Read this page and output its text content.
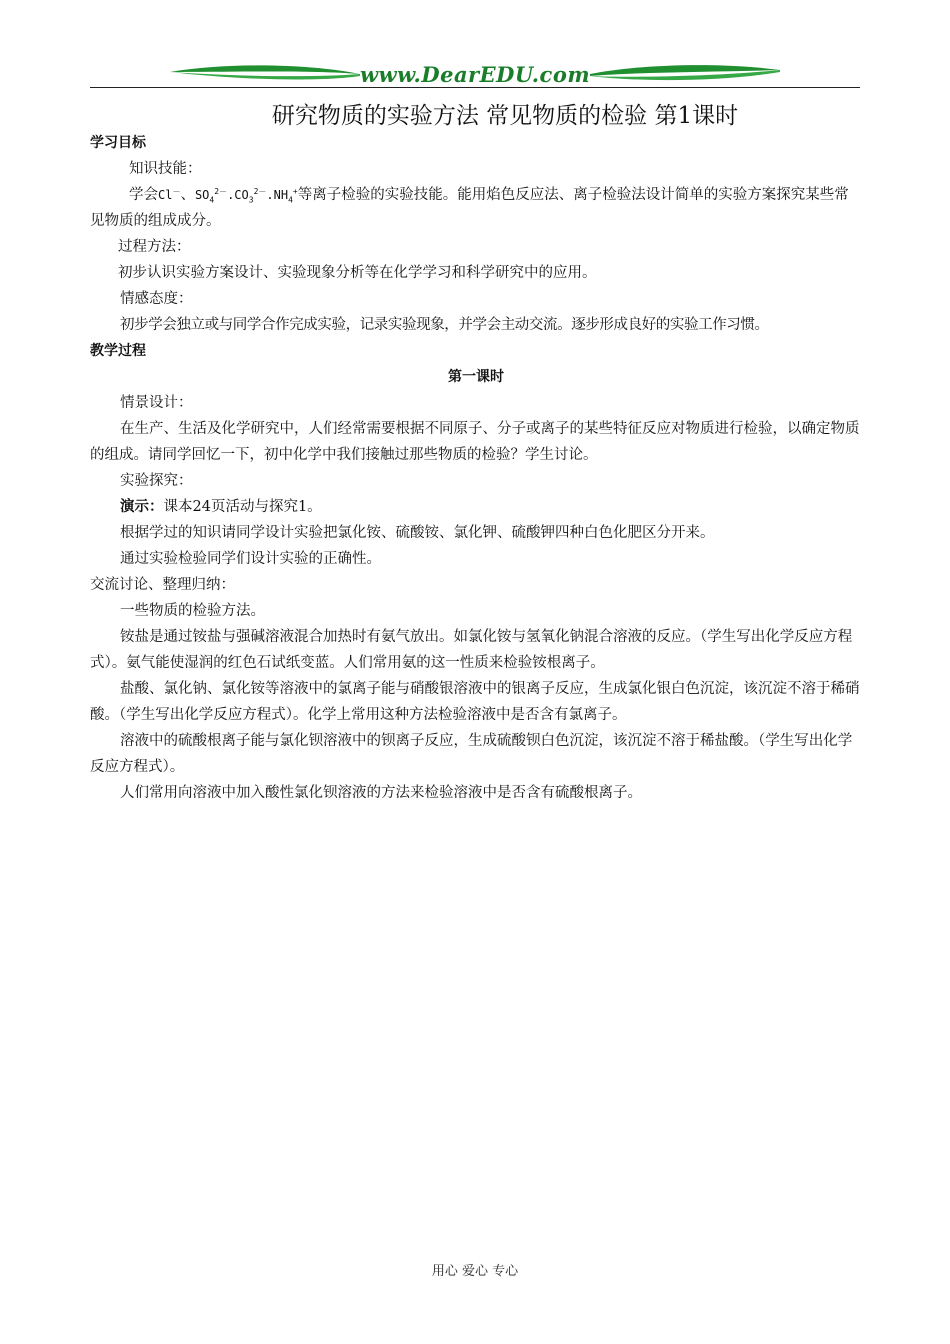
www.DearEDU.com
研究物质的实验方法 常见物质的检验 第1课时

学习目标

知识技能：

学会Cl－、$SO_4^{2-}.CO_3^{2-}.NH_4^+$等离子检验的实验技能。能用焰色反应法、离子检验法设计简单的实验方案探究某些常见物质的组成成分。

过程方法：

初步认识实验方案设计、实验现象分析等在化学学习和科学研究中的应用。

情感态度：

初步学会独立或与同学合作完成实验，记录实验现象，并学会主动交流。逐步形成良好的实验工作习惯。

教学过程

第一课时

情景设计：

在生产、生活及化学研究中，人们经常需要根据不同原子、分子或离子的某些特征反应对物质进行检验，以确定物质的组成。请同学回忆一下，初中化学中我们接触过那些物质的检验？学生讨论。

实验探究：

演示：课本24页活动与探究1。

根据学过的知识请同学设计实验把氯化铵、硫酸铵、氯化钾、硫酸钾四种白色化肥区分开来。

通过实验检验同学们设计实验的正确性。

交流讨论、整理归纳：

一些物质的检验方法。

铵盐是通过铵盐与强碱溶液混合加热时有氨气放出。如氯化铵与氢氧化钠混合溶液的反应。（学生写出化学反应方程式）。氨气能使湿润的红色石试纸变蓝。人们常用氨的这一性质来检验铵根离子。

盐酸、氯化钠、氯化铵等溶液中的氯离子能与硝酸银溶液中的银离子反应，生成氯化银白色沉淀，该沉淀不溶于稀硝酸。（学生写出化学反应方程式）。化学上常用这种方法检验溶液中是否含有氯离子。

溶液中的硫酸根离子能与氯化钡溶液中的钡离子反应，生成硫酸钡白色沉淀，该沉淀不溶于稀盐酸。（学生写出化学反应方程式）。

人们常用向溶液中加入酸性氯化钡溶液的方法来检验溶液中是否含有硫酸根离子。

用心 爱心 专心
